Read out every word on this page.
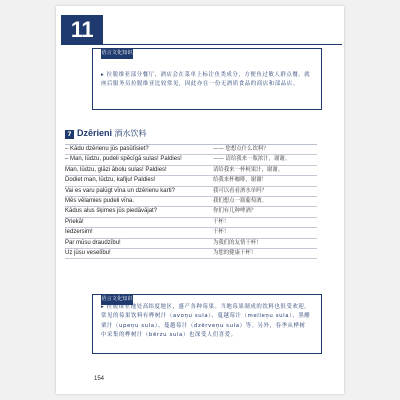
11
语言文化知识
▸ 拉脱维亚部分餐厅、酒店会在菜单上标注鱼类成分，方便鱼过敏人群点餐。就座后服务员拉脱维亚比较常见，因此亦在一份无酒质食品的商店和部品店。
7 Dzērieni 酒水饮料
– Kādu dzērienu jūs pasūtīsiet?	—— 您想点什么饮料？
– Man, lūdzu, pudeli spēcīgā sulas! Paldies!	—— 请给我来一瓶浓汁，谢谢。
Man, lūdzu, glāzi ābolu sulas! Paldies!	请给我来一杯柯果汁，谢谢。
Dodiet man, lūdzu, kafiju! Paldies!	给我来杯咖啡，谢谢！
Vai es varu palūgt vīna un dzērienu karti?	我可以看看酒水单吗？
Mēs vēlamies pudeli vīna.	我们想点一瓶葡萄酒。
Kādus alus šķirnes jūs piedāvājat?	你们有几种啤酒？
Priekā!	干杯！
Iedzersim!	干杯！
Par mūsu draudzību!	为我们的友情干杯！
Uz jūsu veselību!	为您的健康干杯！
语言文化知识
▸ 拉脱维亚地处高纬度地区，盛产各种莓果。当地莓果制成的饮料也很受欢迎。常见的莓果饮料有桦树汁（avoņu sula）、蔓越莓汁（melleņu sula）、黑醋栗汁（upeņu sula）、蔓越莓汁（dzērveņu sula）等。另外，春季从桦树中采集的桦树汁（bērzu sula）也深受人们喜爱。
154
